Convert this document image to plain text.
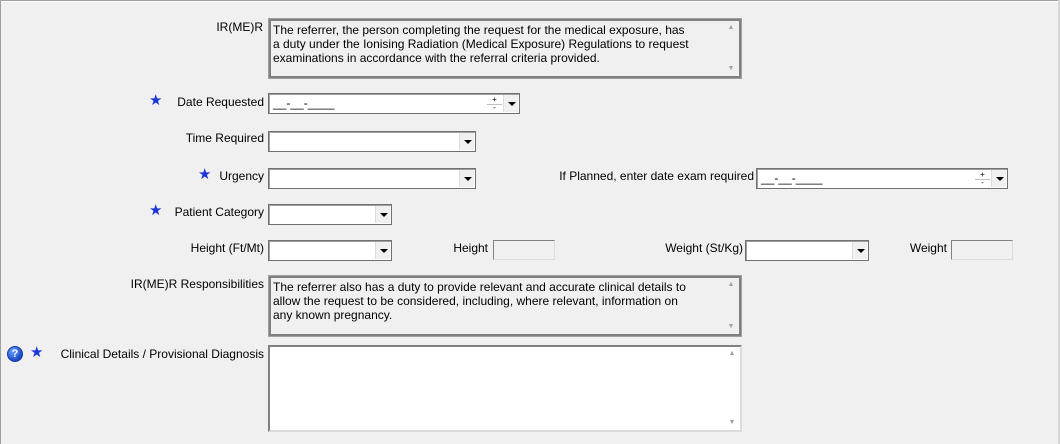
IR(ME)R The referrer, the person completing the request for the medical exposure, has
a duty under the Ionising Radiation (Medical Exposure) Regulations to request
examinations in accordance with the referral criteria provided.
▲
▼
★ Date Requested __-__-____	+
-
Time Required
★ Urgency	If Planned, enter date exam required __-__-____	+
-
★ Patient Category
Height (Ft/Mt)	Height	Weight (St/Kg)	Weight
IR(ME)R Responsibilities The referrer also has a duty to provide relevant and accurate clinical details to
allow the request to be considered, including, where relevant, information on
any known pregnancy.
▲
▼
? ★ Clinical Details / Provisional Diagnosis	▲
▼
